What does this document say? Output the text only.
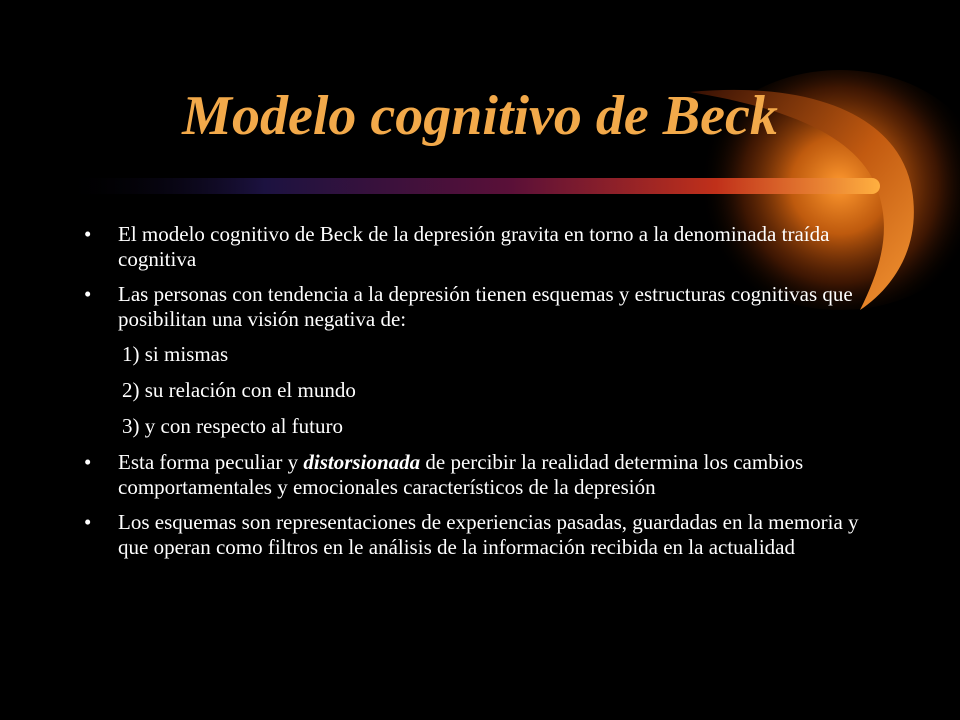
Modelo cognitivo de Beck
• El modelo cognitivo de Beck de la depresión gravita en torno a la denominada traída cognitiva
• Las personas con tendencia a la depresión tienen esquemas y estructuras cognitivas que posibilitan una visión negativa de:
1) si mismas
2) su relación con el mundo
3) y con respecto al futuro
• Esta forma peculiar y distorsionada de percibir la realidad determina los cambios comportamentales y emocionales característicos de la depresión
• Los esquemas son representaciones de experiencias pasadas, guardadas en la memoria y que operan como filtros en le análisis de la información recibida en la actualidad
